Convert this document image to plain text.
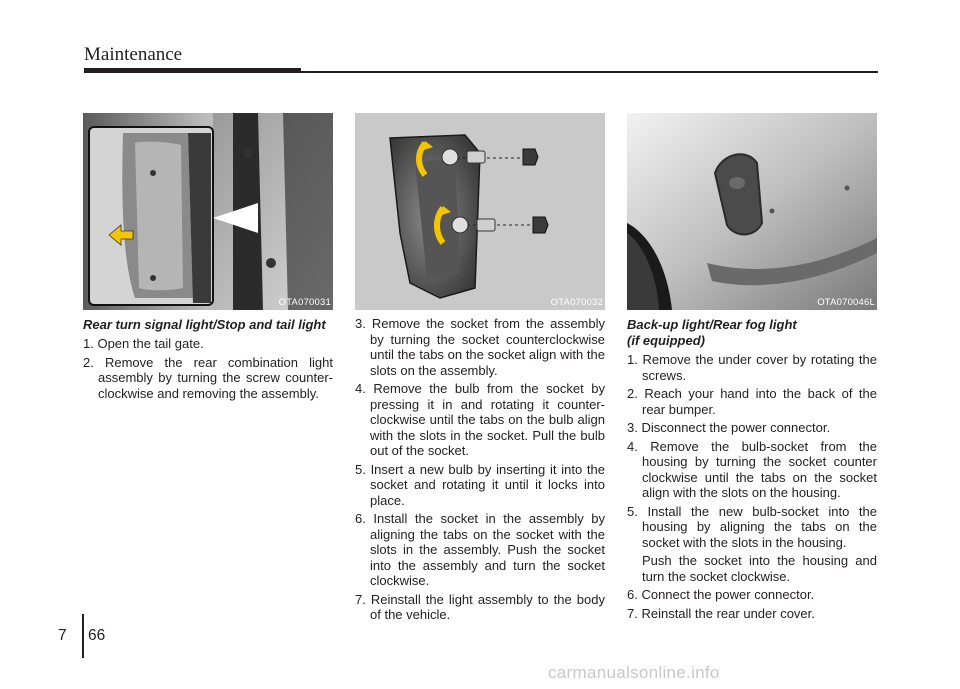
Maintenance
OTA070031
Rear turn signal light/Stop and tail light
1. Open the tail gate.
2. Remove the rear combination light assembly by turning the screw counter-clockwise and removing the assembly.
OTA070032
3. Remove the socket from the assembly by turning the socket counterclockwise until the tabs on the socket align with the slots on the assembly.
4. Remove the bulb from the socket by pressing it in and rotating it counter-clockwise until the tabs on the bulb align with the slots in the socket. Pull the bulb out of the socket.
5. Insert a new bulb by inserting it into the socket and rotating it until it locks into place.
6. Install the socket in the assembly by aligning the tabs on the socket with the slots in the assembly. Push the socket into the assembly and turn the socket clockwise.
7. Reinstall the light assembly to the body of the vehicle.
OTA070046L
Back-up light/Rear fog light
(if equipped)
1. Remove the under cover by rotating the screws.
2. Reach your hand into the back of the rear bumper.
3. Disconnect the power connector.
4. Remove the bulb-socket from the housing by turning the socket counter clockwise until the tabs on the socket align with the slots on the housing.
5. Install the new bulb-socket into the housing by aligning the tabs on the socket with the slots in the housing.
Push the socket into the housing and turn the socket clockwise.
6. Connect the power connector.
7. Reinstall the rear under cover.
7 66
carmanualsonline.info
